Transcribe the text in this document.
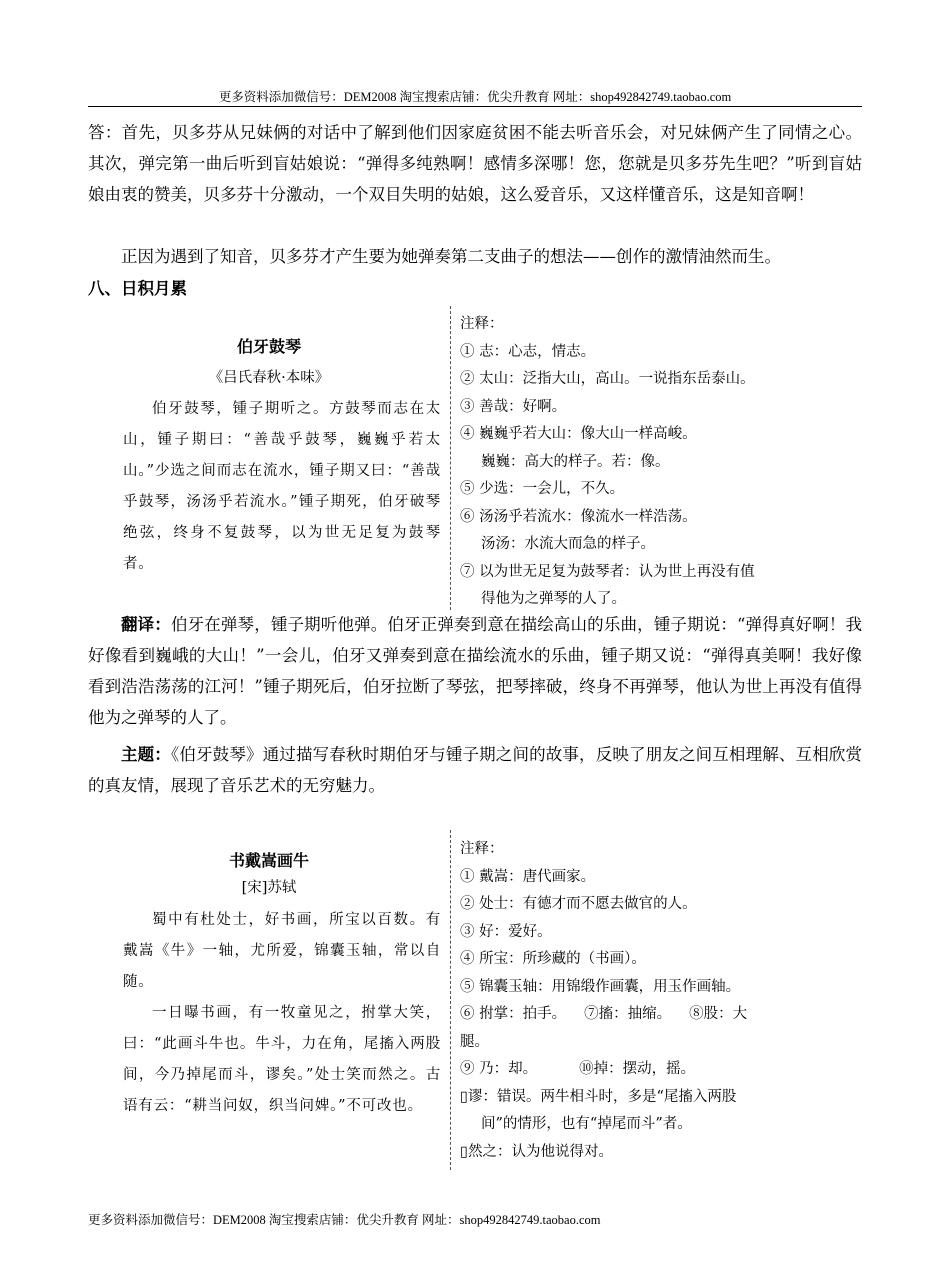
更多资料添加微信号：DEM2008 淘宝搜索店铺：优尖升教育 网址：shop492842749.taobao.com
答：首先，贝多芬从兄妹俩的对话中了解到他们因家庭贫困不能去听音乐会，对兄妹俩产生了同情之心。其次，弹完第一曲后听到盲姑娘说：“弹得多纯熟啊！感情多深哪！您，您就是贝多芬先生吧？”听到盲姑娘由衷的赞美，贝多芬十分激动，一个双目失明的姑娘，这么爱音乐，又这样懂音乐，这是知音啊！
正因为遇到了知音，贝多芬才产生要为她弹奏第二支曲子的想法——创作的激情油然而生。
八、日积月累
伯牙鼓琴
《吕氏春秋·本味》
伯牙鼓琴，锺子期听之。方鼓琴而志在太山，锺子期曰：“善哉乎鼓琴，巍巍乎若太山。”少选之间而志在流水，锺子期又曰：“善哉乎鼓琴，汤汤乎若流水。”锺子期死，伯牙破琴绝弦，终身不复鼓琴，以为世无足复为鼓琴者。
注释：
① 志：心志，情志。
② 太山：泛指大山，高山。一说指东岳泰山。
③ 善哉：好啊。
④ 巍巍乎若大山：像大山一样高峻。
巍巍：高大的样子。若：像。
⑤ 少选：一会儿，不久。
⑥ 汤汤乎若流水：像流水一样浩荡。
汤汤：水流大而急的样子。
⑦ 以为世无足复为鼓琴者：认为世上再没有值
得他为之弹琴的人了。
翻译：伯牙在弹琴，锺子期听他弹。伯牙正弹奏到意在描绘高山的乐曲，锺子期说：“弹得真好啊！我好像看到巍峨的大山！”一会儿，伯牙又弹奏到意在描绘流水的乐曲，锺子期又说：“弹得真美啊！我好像看到浩浩荡荡的江河！”锺子期死后，伯牙拉断了琴弦，把琴摔破，终身不再弹琴，他认为世上再没有值得他为之弹琴的人了。
主题：《伯牙鼓琴》通过描写春秋时期伯牙与锺子期之间的故事，反映了朋友之间互相理解、互相欣赏的真友情，展现了音乐艺术的无穷魅力。
书戴嵩画牛
[宋]苏轼

蜀中有杜处士，好书画，所宝以百数。有戴嵩《牛》一轴，尤所爱，锦囊玉轴，常以自随。

一日曝书画，有一牧童见之，拊掌大笑，曰：“此画斗牛也。牛斗，力在角，尾搐入两股间，今乃掉尾而斗，谬矣。”处士笑而然之。古语有云：“耕当问奴，织当问婢。”不可改也。

注释：
① 戴嵩：唐代画家。
② 处士：有德才而不愿去做官的人。
③ 好：爱好。
④ 所宝：所珍藏的（书画）。
⑤ 锦囊玉轴：用锦缎作画囊，用玉作画轴。
⑥ 拊掌：拍手。 ⑦搐：抽缩。 ⑧股：大
腿。
⑨ 乃：却。	⑩掉：摆动，摇。
▯谬：错误。两牛相斗时，多是“尾搐入两股
间”的情形，也有“掉尾而斗”者。
▯然之：认为他说得对。
更多资料添加微信号：DEM2008 淘宝搜索店铺：优尖升教育 网址：shop492842749.taobao.com
